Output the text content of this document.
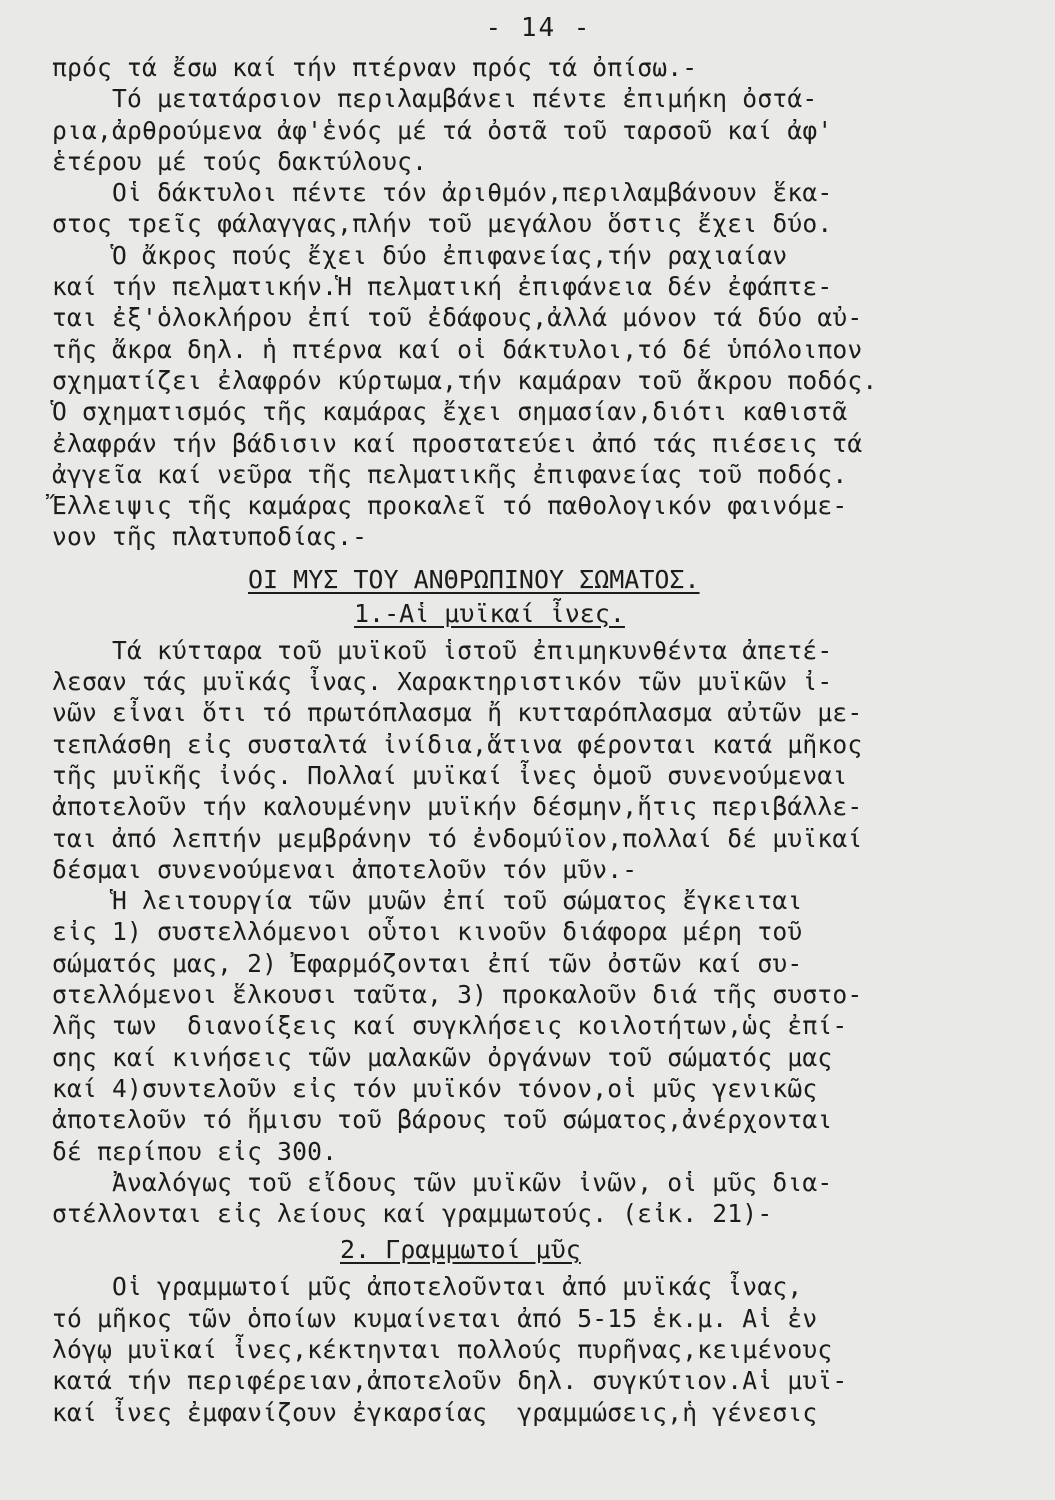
- 14 -
πρός τά ἔσω καί τήν πτέρναν πρός τά ὀπίσω.-
Τό μετατάρσιον περιλαμβάνει πέντε ἐπιμήκη ὀστά-
ρια,ἀρθρούμενα ἀφ'ἑνός μέ τά ὀστᾶ τοῦ ταρσοῦ καί ἀφ'
ἑτέρου μέ τούς δακτύλους.
Οἱ δάκτυλοι πέντε τόν ἀριθμόν,περιλαμβάνουν ἕκα-
στος τρεῖς φάλαγγας,πλήν τοῦ μεγάλου ὅστις ἔχει δύο.
Ὁ ἄκρος πούς ἔχει δύο ἐπιφανείας,τήν ραχιαίαν
καί τήν πελματικήν.Ἡ πελματική ἐπιφάνεια δέν ἐφάπτε-
ται ἐξ'ὁλοκλήρου ἐπί τοῦ ἐδάφους,ἀλλά μόνον τά δύο αὐ-
τῆς ἄκρα δηλ. ἡ πτέρνα καί οἱ δάκτυλοι,τό δέ ὑπόλοιπον
σχηματίζει ἐλαφρόν κύρτωμα,τήν καμάραν τοῦ ἄκρου ποδός.
Ὁ σχηματισμός τῆς καμάρας ἔχει σημασίαν,διότι καθιστᾶ
ἐλαφράν τήν βάδισιν καί προστατεύει ἀπό τάς πιέσεις τά
ἀγγεῖα καί νεῦρα τῆς πελματικῆς ἐπιφανείας τοῦ ποδός.
Ἔλλειψις τῆς καμάρας προκαλεῖ τό παθολογικόν φαινόμε-
νον τῆς πλατυποδίας.-
ΟΙ ΜΥΣ ΤΟΥ ΑΝΘΡΩΠΙΝΟΥ ΣΩΜΑΤΟΣ.
1.-Αἱ μυϊκαί ἶνες.
Τά κύτταρα τοῦ μυϊκοῦ ἱστοῦ ἐπιμηκυνθέντα ἀπετέ-
λεσαν τάς μυϊκάς ἶνας. Χαρακτηριστικόν τῶν μυϊκῶν ἰ-
νῶν εἶναι ὅτι τό πρωτόπλασμα ἤ κυτταρόπλασμα αὐτῶν με-
τεπλάσθη εἰς συσταλτά ἰνίδια,ἅτινα φέρονται κατά μῆκος
τῆς μυϊκῆς ἰνός. Πολλαί μυϊκαί ἶνες ὁμοῦ συνενούμεναι
ἀποτελοῦν τήν καλουμένην μυϊκήν δέσμην,ἥτις περιβάλλε-
ται ἀπό λεπτήν μεμβράνην τό ἐνδομύϊον,πολλαί δέ μυϊκαί
δέσμαι συνενούμεναι ἀποτελοῦν τόν μῦν.-
Ἡ λειτουργία τῶν μυῶν ἐπί τοῦ σώματος ἔγκειται
εἰς 1) συστελλόμενοι οὗτοι κινοῦν διάφορα μέρη τοῦ
σώματός μας, 2) Ἐφαρμόζονται ἐπί τῶν ὀστῶν καί συ-
στελλόμενοι ἕλκουσι ταῦτα, 3) προκαλοῦν διά τῆς συστο-
λῆς των  διανοίξεις καί συγκλήσεις κοιλοτήτων,ὡς ἐπί-
σης καί κινήσεις τῶν μαλακῶν ὀργάνων τοῦ σώματός μας
καί 4)συντελοῦν εἰς τόν μυϊκόν τόνον,οἱ μῦς γενικῶς
ἀποτελοῦν τό ἥμισυ τοῦ βάρους τοῦ σώματος,ἀνέρχονται
δέ περίπου εἰς 300.
Ἀναλόγως τοῦ εἴδους τῶν μυϊκῶν ἰνῶν, οἱ μῦς δια-
στέλλονται εἰς λείους καί γραμμωτούς. (εἰκ. 21)-
2. Γραμμωτοί μῦς
Οἱ γραμμωτοί μῦς ἀποτελοῦνται ἀπό μυϊκάς ἶνας,
τό μῆκος τῶν ὁποίων κυμαίνεται ἀπό 5-15 ἑκ.μ. Αἱ ἐν
λόγῳ μυϊκαί ἶνες,κέκτηνται πολλούς πυρῆνας,κειμένους
κατά τήν περιφέρειαν,ἀποτελοῦν δηλ. συγκύτιον.Αἱ μυϊ-
καί ἶνες ἐμφανίζουν ἐγκαρσίας  γραμμώσεις,ἡ γένεσις
